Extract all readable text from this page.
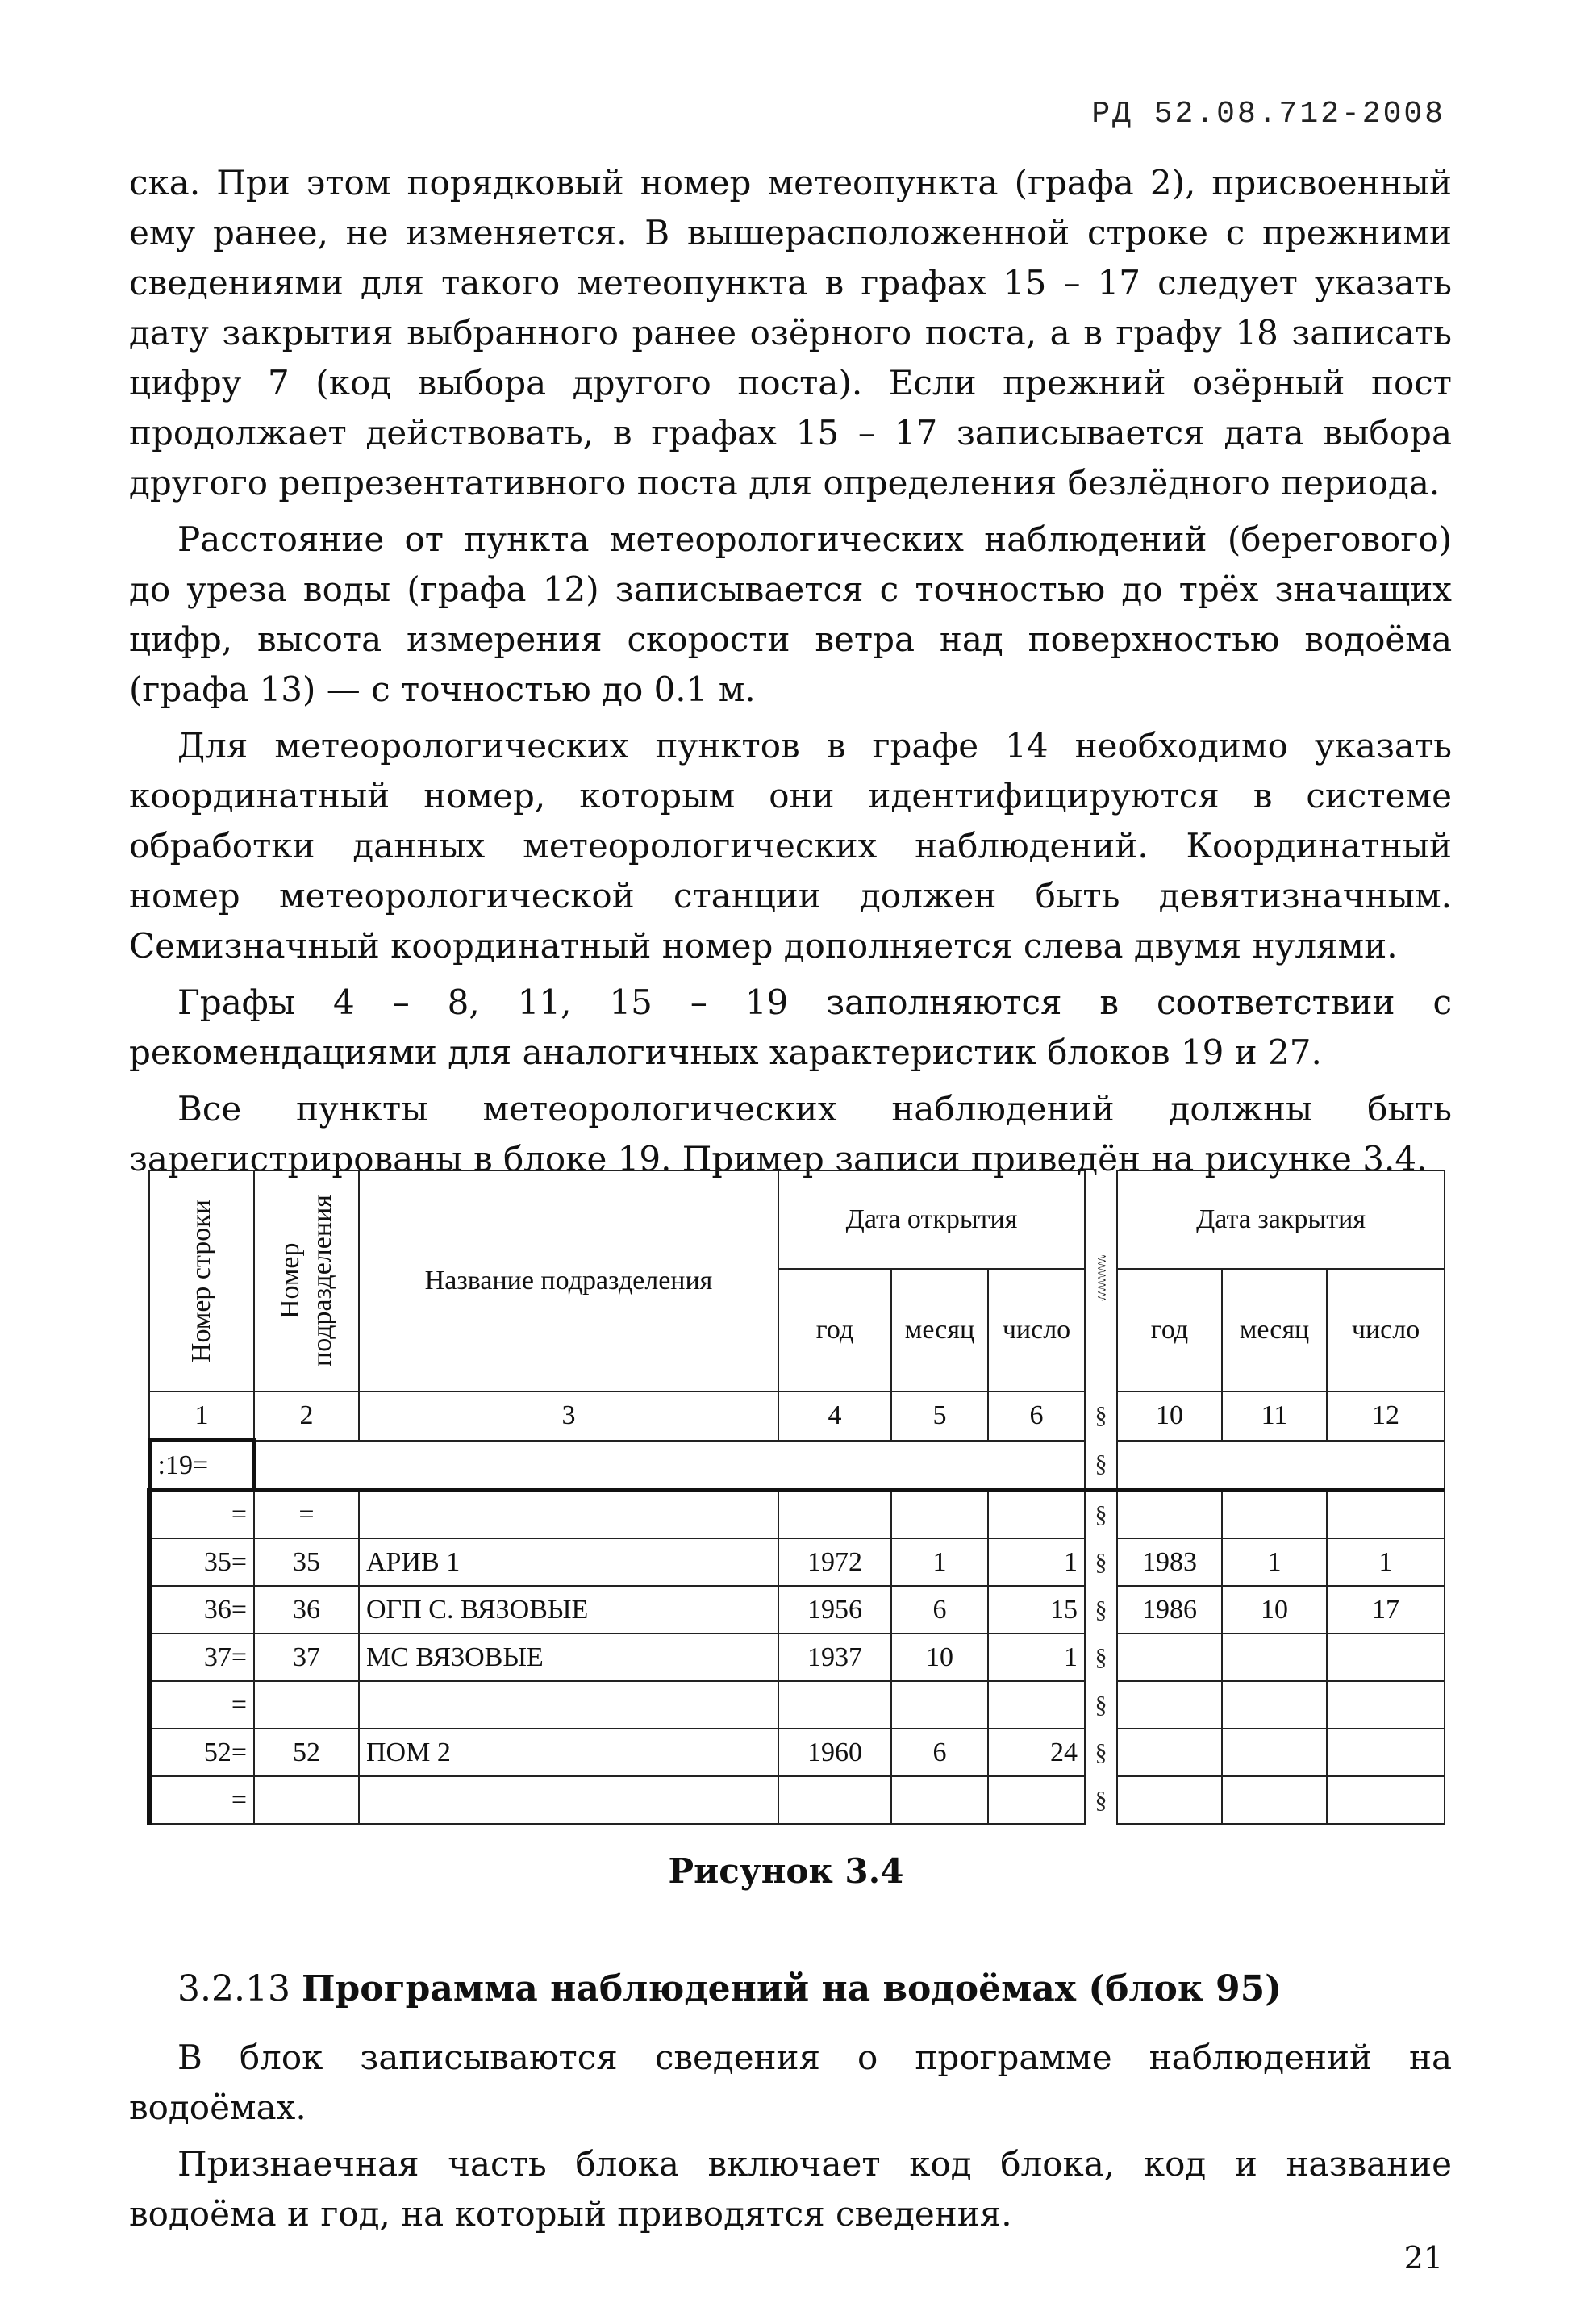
РД 52.08.712-2008

ска. При этом порядковый номер метеопункта (графа 2), присвоенный ему ранее, не изменяется. В вышерасположенной строке с прежними сведениями для такого метеопункта в графах 15 – 17 следует указать дату закрытия выбранного ранее озёрного поста, а в графу 18 записать цифру 7 (код выбора другого поста). Если прежний озёрный пост продолжает действовать, в графах 15 – 17 записывается дата выбора другого репрезентативного поста для определения безлёдного периода.

Расстояние от пункта метеорологических наблюдений (берегового) до уреза воды (графа 12) записывается с точностью до трёх значащих цифр, высота измерения скорости ветра над поверхностью водоёма (графа 13) — с точностью до 0.1 м.

Для метеорологических пунктов в графе 14 необходимо указать координатный номер, которым они идентифицируются в системе обработки данных метеорологических наблюдений. Координатный номер метеорологической станции должен быть девятизначным. Семизначный координатный номер дополняется слева двумя нулями.

Графы 4 – 8, 11, 15 – 19 заполняются в соответствии с рекомендациями для аналогичных характеристик блоков 19 и 27.

Все пункты метеорологических наблюдений должны быть зарегистрированы в блоке 19. Пример записи приведён на рисунке 3.4.

Номер строки	Номер подразделения	Название подразделения	Дата открытия				Дата закрытия		
			год	месяц	число		год	месяц	число
1	2	3	4	5	6	§	10	11	12
:19=						§			
=	=					§			
35=	35	АРИВ 1	1972	1	1	§	1983	1	1
36=	36	ОГП С. ВЯЗОВЫЕ	1956	6	15	§	1986	10	17
37=	37	МС ВЯЗОВЫЕ	1937	10	1	§			
=						§			
52=	52	ПОМ 2	1960	6	24	§			
=						§			
Рисунок 3.4
3.2.13 Программа наблюдений на водоёмах (блок 95)

В блок записываются сведения о программе наблюдений на водоёмах.

Признаечная часть блока включает код блока, код и название водоёма и год, на который приводятся сведения.

21
